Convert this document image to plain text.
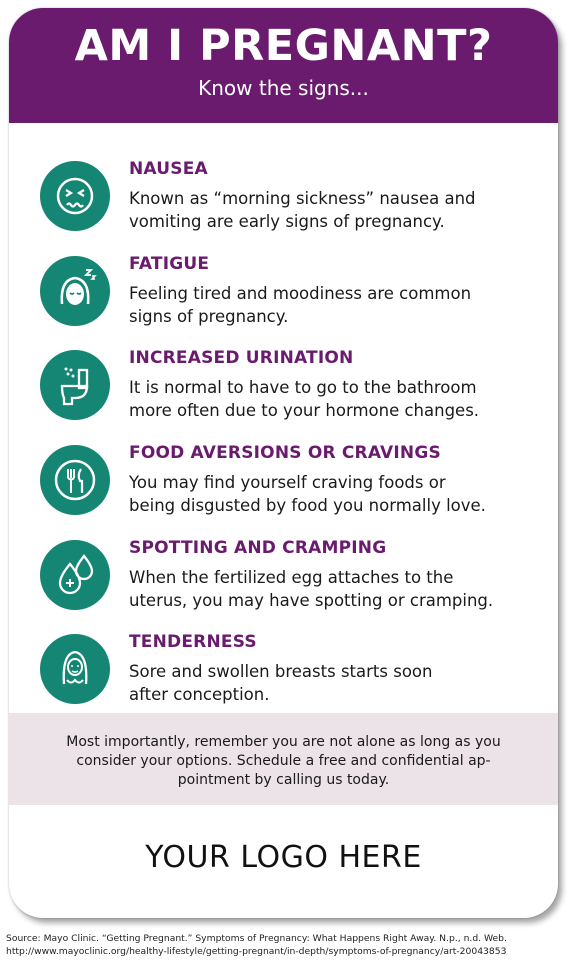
AM I PREGNANT?
Know the signs...
NAUSEA
Known as “morning sickness” nausea and
vomiting are early signs of pregnancy.
FATIGUE
Feeling tired and moodiness are common
signs of pregnancy.
INCREASED URINATION
It is normal to have to go to the bathroom
more often due to your hormone changes.
FOOD AVERSIONS OR CRAVINGS
You may find yourself craving foods or
being disgusted by food you normally love.
SPOTTING AND CRAMPING
When the fertilized egg attaches to the
uterus, you may have spotting or cramping.
TENDERNESS
Sore and swollen breasts starts soon
after conception.
Most importantly, remember you are not alone as long as you
consider your options. Schedule a free and confidential ap-
pointment by calling us today.
YOUR LOGO HERE
Source: Mayo Clinic. “Getting Pregnant.” Symptoms of Pregnancy: What Happens Right Away. N.p., n.d. Web.
http://www.mayoclinic.org/healthy-lifestyle/getting-pregnant/in-depth/symptoms-of-pregnancy/art-20043853
